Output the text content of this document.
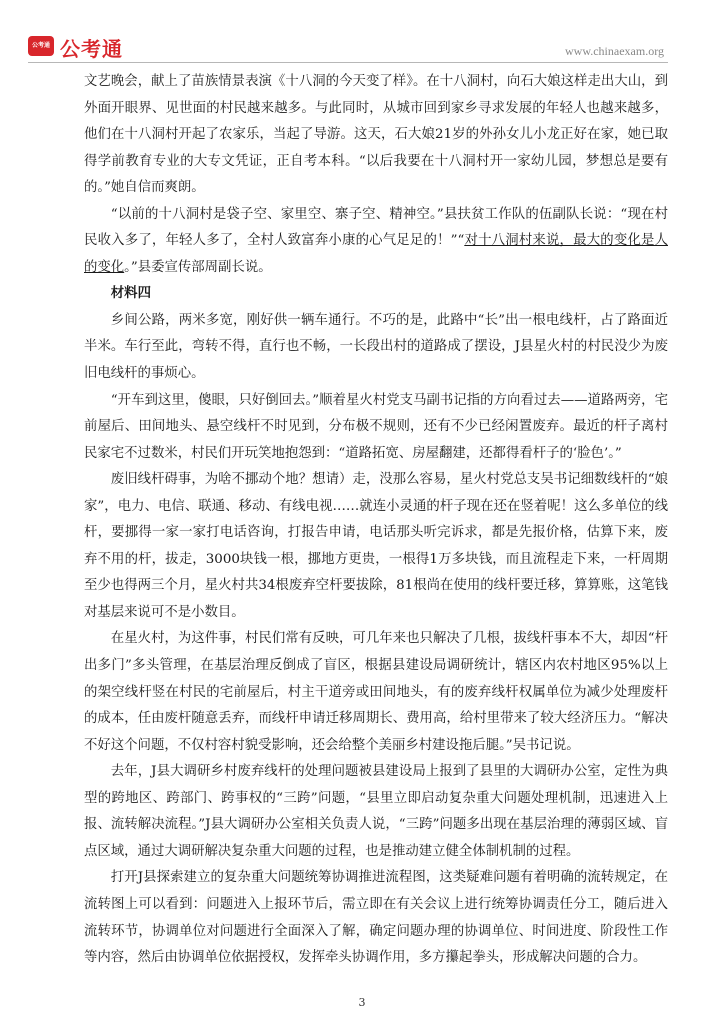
公考通 公考通	www.chinaexam.org

文艺晚会，献上了苗族情景表演《十八洞的今天变了样》。在十八洞村，向石大娘这样走出大山，到外面开眼界、见世面的村民越来越多。与此同时，从城市回到家乡寻求发展的年轻人也越来越多，他们在十八洞村开起了农家乐，当起了导游。这天，石大娘21岁的外孙女儿小龙正好在家，她已取得学前教育专业的大专文凭证，正自考本科。“以后我要在十八洞村开一家幼儿园，梦想总是要有的。”她自信而爽朗。

“以前的十八洞村是袋子空、家里空、寨子空、精神空。”县扶贫工作队的伍副队长说：“现在村民收入多了，年轻人多了，全村人致富奔小康的心气足足的！”“对十八洞村来说，最大的变化是人的变化。”县委宣传部周副长说。

材料四

乡间公路，两米多宽，刚好供一辆车通行。不巧的是，此路中“长”出一根电线杆，占了路面近半米。车行至此，弯转不得，直行也不畅，一长段出村的道路成了摆设，J县星火村的村民没少为废旧电线杆的事烦心。

“开车到这里，傻眼，只好倒回去。”顺着星火村党支马副书记指的方向看过去——道路两旁，宅前屋后、田间地头、悬空线杆不时见到，分布极不规则，还有不少已经闲置废弃。最近的杆子离村民家宅不过数米，村民们开玩笑地抱怨到：“道路拓宽、房屋翻建，还都得看杆子的‘脸色’。”

废旧线杆碍事，为啥不挪动个地？想请）走，没那么容易，星火村党总支吴书记细数线杆的“娘家”，电力、电信、联通、移动、有线电视……就连小灵通的杆子现在还在竖着呢！这么多单位的线杆，要挪得一家一家打电话咨询，打报告申请，电话那头听完诉求，都是先报价格，估算下来，废弃不用的杆，拔走，3000块钱一根，挪地方更贵，一根得1万多块钱，而且流程走下来，一杆周期至少也得两三个月，星火村共34根废弃空杆要拔除，81根尚在使用的线杆要迁移，算算账，这笔钱对基层来说可不是小数目。

在星火村，为这件事，村民们常有反映，可几年来也只解决了几根，拔线杆事本不大，却因“杆出多门”多头管理，在基层治理反倒成了盲区，根据县建设局调研统计，辖区内农村地区95%以上的架空线杆竖在村民的宅前屋后，村主干道旁或田间地头，有的废弃线杆权属单位为减少处理废杆的成本，任由废杆随意丢弃，而线杆申请迁移周期长、费用高，给村里带来了较大经济压力。“解决不好这个问题，不仅村容村貌受影响，还会给整个美丽乡村建设拖后腿。”吴书记说。

去年，J县大调研乡村废弃线杆的处理问题被县建设局上报到了县里的大调研办公室，定性为典型的跨地区、跨部门、跨事权的“三跨”问题，“县里立即启动复杂重大问题处理机制，迅速进入上报、流转解决流程。”J县大调研办公室相关负责人说，“三跨”问题多出现在基层治理的薄弱区域、盲点区域，通过大调研解决复杂重大问题的过程，也是推动建立健全体制机制的过程。

打开J县探索建立的复杂重大问题统筹协调推进流程图，这类疑难问题有着明确的流转规定，在流转图上可以看到：问题进入上报环节后，需立即在有关会议上进行统筹协调责任分工，随后进入流转环节，协调单位对问题进行全面深入了解，确定问题办理的协调单位、时间进度、阶段性工作等内容，然后由协调单位依据授权，发挥牵头协调作用，多方攥起拳头，形成解决问题的合力。

3
